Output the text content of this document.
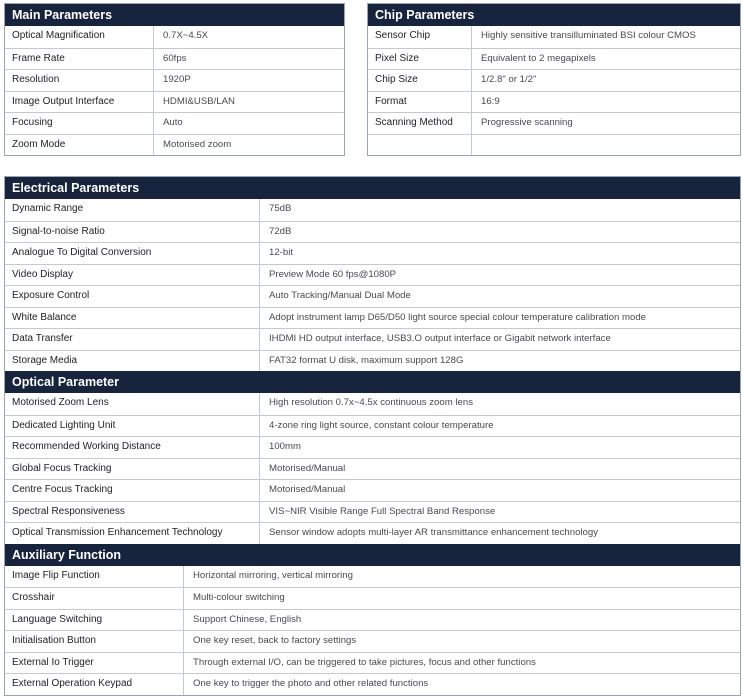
Main Parameters
Optical Magnification	0.7X~4.5X
Frame Rate	60fps
Resolution	1920P
Image Output Interface	HDMI&USB/LAN
Focusing	Auto
Zoom Mode	Motorised zoom
Chip Parameters
Sensor Chip	Highly sensitive transilluminated BSI colour CMOS
Pixel Size	Equivalent to 2 megapixels
Chip Size	1/2.8" or 1/2"
Format	16:9
Scanning Method	Progressive scanning
Electrical Parameters
Dynamic Range	75dB
Signal-to-noise Ratio	72dB
Analogue To Digital Conversion	12-bit
Video Display	Preview Mode 60 fps@1080P
Exposure Control	Auto Tracking/Manual Dual Mode
White Balance	Adopt instrument lamp D65/D50 light source special colour temperature calibration mode
Data Transfer	IHDMI HD output interface, USB3.O output interface or Gigabit network interface
Storage Media	FAT32 format U disk, maximum support 128G
Optical Parameter
Motorised Zoom Lens	High resolution 0.7x~4.5x continuous zoom lens
Dedicated Lighting Unit	4-zone ring light source, constant colour temperature
Recommended Working Distance	100mm
Global Focus Tracking	Motorised/Manual
Centre Focus Tracking	Motorised/Manual
Spectral Responsiveness	VIS~NIR Visible Range Full Spectral Band Response
Optical Transmission Enhancement Technology	Sensor window adopts multi-layer AR transmittance enhancement technology
Auxiliary Function
Image Flip Function	Horizontal mirroring, vertical mirroring
Crosshair	Multi-colour switching
Language Switching	Support Chinese, English
Initialisation Button	One key reset, back to factory settings
External Io Trigger	Through external I/O, can be triggered to take pictures, focus and other functions
External Operation Keypad	One key to trigger the photo and other related functions
